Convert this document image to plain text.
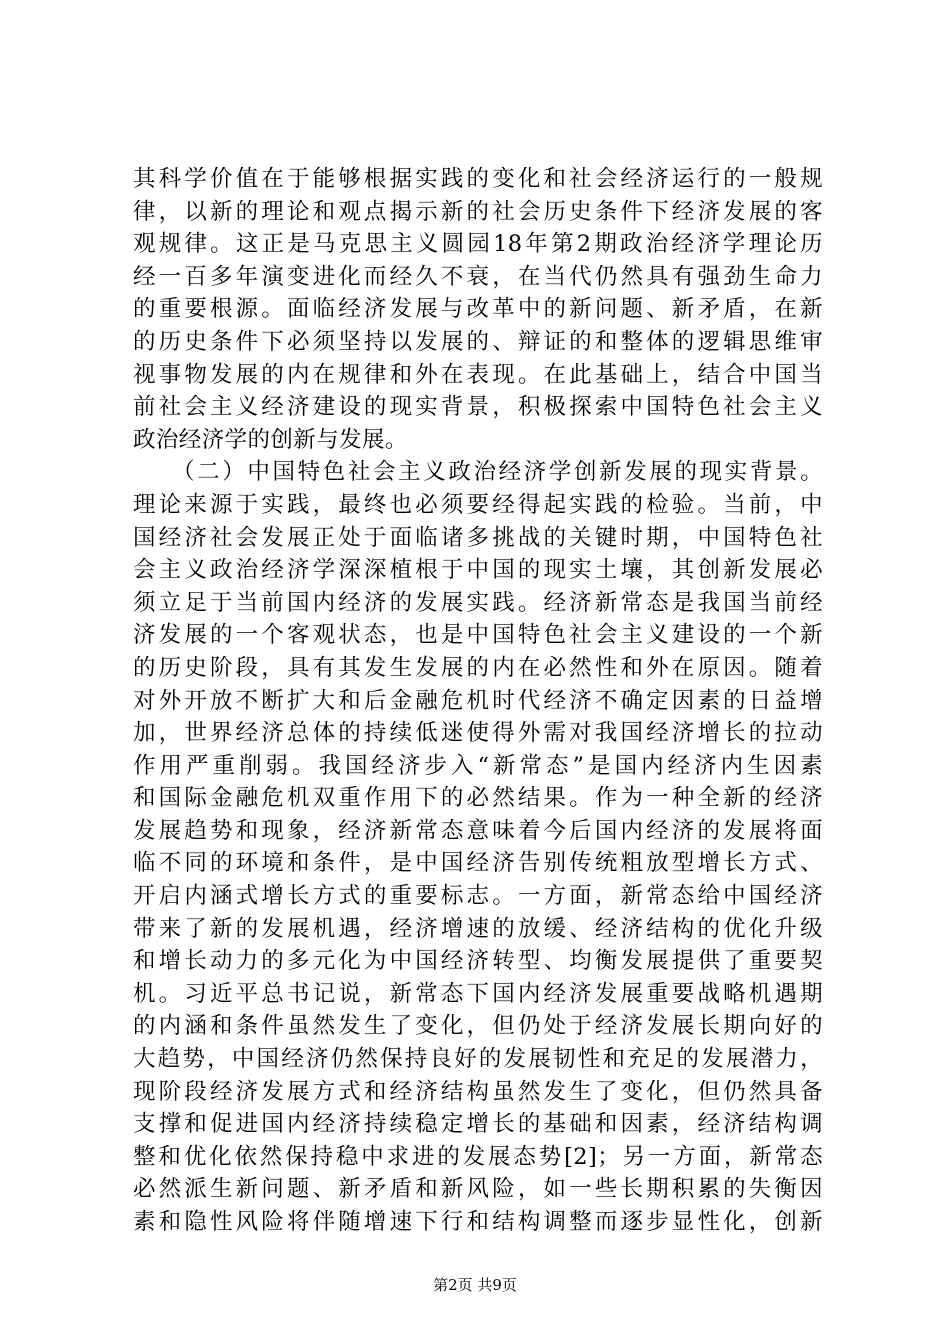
其科学价值在于能够根据实践的变化和社会经济运行的一般规
律，以新的理论和观点揭示新的社会历史条件下经济发展的客
观规律。这正是马克思主义圆园18年第2期政治经济学理论历
经一百多年演变进化而经久不衰，在当代仍然具有强劲生命力
的重要根源。面临经济发展与改革中的新问题、新矛盾，在新
的历史条件下必须坚持以发展的、辩证的和整体的逻辑思维审
视事物发展的内在规律和外在表现。在此基础上，结合中国当
前社会主义经济建设的现实背景，积极探索中国特色社会主义
政治经济学的创新与发展。

　　（二）中国特色社会主义政治经济学创新发展的现实背景。
理论来源于实践，最终也必须要经得起实践的检验。当前，中
国经济社会发展正处于面临诸多挑战的关键时期，中国特色社
会主义政治经济学深深植根于中国的现实土壤，其创新发展必
须立足于当前国内经济的发展实践。经济新常态是我国当前经
济发展的一个客观状态，也是中国特色社会主义建设的一个新
的历史阶段，具有其发生发展的内在必然性和外在原因。随着
对外开放不断扩大和后金融危机时代经济不确定因素的日益增
加，世界经济总体的持续低迷使得外需对我国经济增长的拉动
作用严重削弱。我国经济步入“新常态”是国内经济内生因素
和国际金融危机双重作用下的必然结果。作为一种全新的经济
发展趋势和现象，经济新常态意味着今后国内经济的发展将面
临不同的环境和条件，是中国经济告别传统粗放型增长方式、
开启内涵式增长方式的重要标志。一方面，新常态给中国经济
带来了新的发展机遇，经济增速的放缓、经济结构的优化升级
和增长动力的多元化为中国经济转型、均衡发展提供了重要契
机。习近平总书记说，新常态下国内经济发展重要战略机遇期
的内涵和条件虽然发生了变化，但仍处于经济发展长期向好的
大趋势，中国经济仍然保持良好的发展韧性和充足的发展潜力，
现阶段经济发展方式和经济结构虽然发生了变化，但仍然具备
支撑和促进国内经济持续稳定增长的基础和因素，经济结构调
整和优化依然保持稳中求进的发展态势[2]；另一方面，新常态
必然派生新问题、新矛盾和新风险，如一些长期积累的失衡因
素和隐性风险将伴随增速下行和结构调整而逐步显性化，创新

第2页 共9页
